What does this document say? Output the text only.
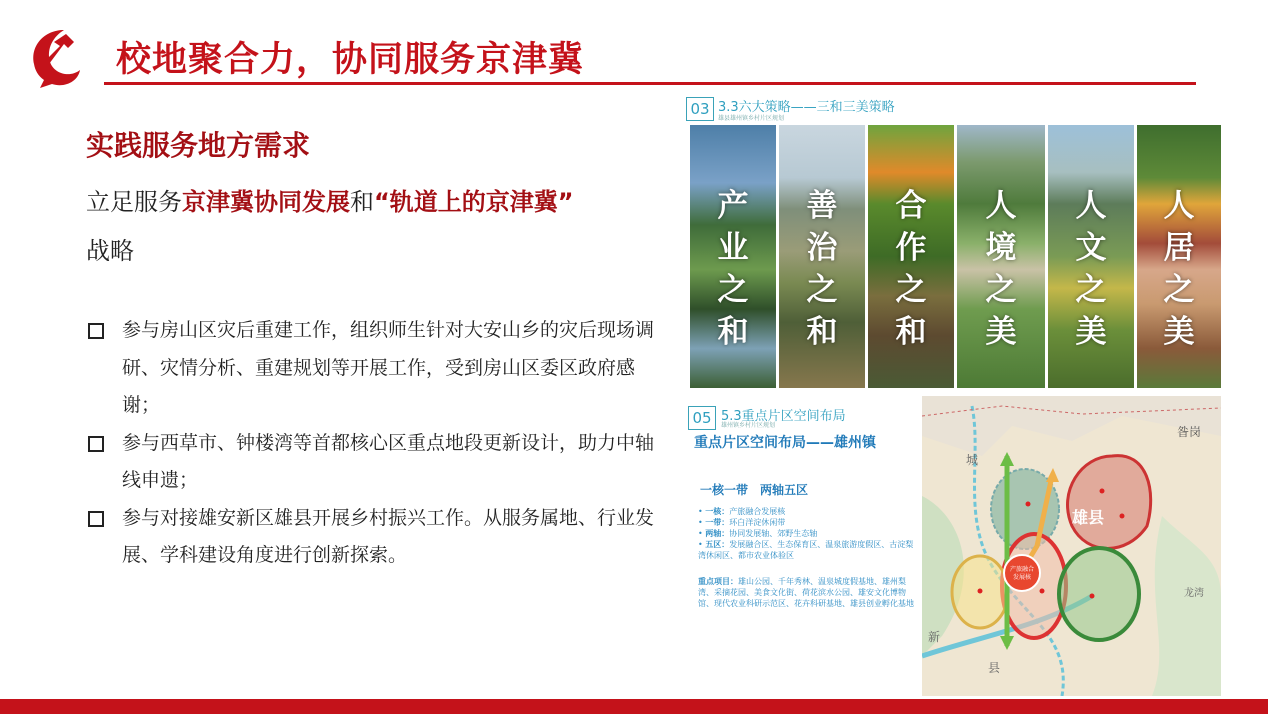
校地聚合力，协同服务京津冀
实践服务地方需求
立足服务京津冀协同发展和“轨道上的京津冀”
战略
参与房山区灾后重建工作，组织师生针对大安山乡的灾后现场调研、灾情分析、重建规划等开展工作，受到房山区委区政府感谢；
参与西草市、钟楼湾等首都核心区重点地段更新设计，助力中轴线申遗；
参与对接雄安新区雄县开展乡村振兴工作。从服务属地、行业发展、学科建设角度进行创新探索。
03 3.3六大策略——三和三美策略
雄县雄州镇乡村片区规划
产
业
之
和
善
治
之
和
合
作
之
和
人
境
之
美
人
文
之
美
人
居
之
美
05 5.3重点片区空间布局
雄州镇乡村片区规划
重点片区空间布局——雄州镇
一核一带　两轴五区
• 一核：产旅融合发展核
• 一带：环白洋淀休闲带
• 两轴：协同发展轴、郊野生态轴
• 五区：发展融合区、生态保育区、温泉旅游度假区、古淀梨湾休闲区、都市农业体验区
重点项目：雄山公园、千年秀林、温泉城度假基地、雄州梨湾、采摘花园、美食文化街、荷花滨水公园、雄安文化博物馆、现代农业科研示范区、花卉科研基地、雄县创业孵化基地
产旅融合
发展核
雄县
昝岗
城
新
县
龙湾
